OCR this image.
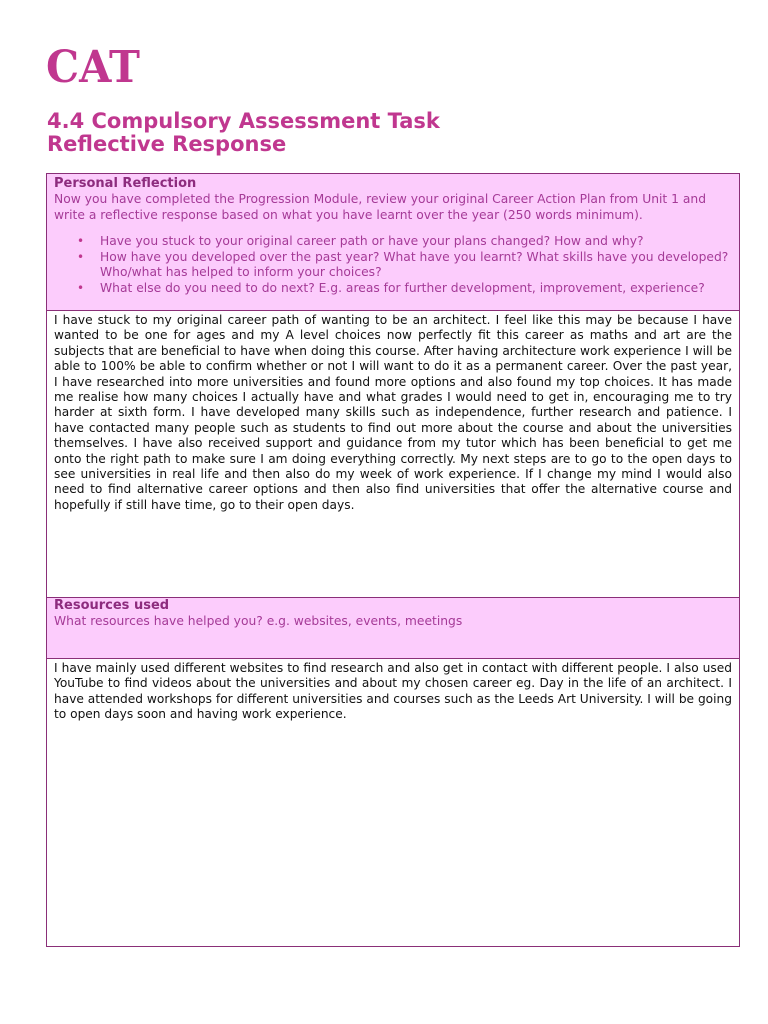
CAT
4.4 Compulsory Assessment Task
Reflective Response

Personal Reflection

Now you have completed the Progression Module, review your original Career Action Plan from Unit 1 and write a reflective response based on what you have learnt over the year (250 words minimum).

• Have you stuck to your original career path or have your plans changed? How and why?
• How have you developed over the past year? What have you learnt? What skills have you developed? Who/what has helped to inform your choices?
• What else do you need to do next? E.g. areas for further development, improvement, experience?

I have stuck to my original career path of wanting to be an architect. I feel like this may be because I have wanted to be one for ages and my A level choices now perfectly fit this career as maths and art are the subjects that are beneficial to have when doing this course. After having architecture work experience I will be able to 100% be able to confirm whether or not I will want to do it as a permanent career. Over the past year, I have researched into more universities and found more options and also found my top choices. It has made me realise how many choices I actually have and what grades I would need to get in, encouraging me to try harder at sixth form. I have developed many skills such as independence, further research and patience. I have contacted many people such as students to find out more about the course and about the universities themselves. I have also received support and guidance from my tutor which has been beneficial to get me onto the right path to make sure I am doing everything correctly. My next steps are to go to the open days to see universities in real life and then also do my week of work experience. If I change my mind I would also need to find alternative career options and then also find universities that offer the alternative course and hopefully if still have time, go to their open days.

Resources used

What resources have helped you? e.g. websites, events, meetings

I have mainly used different websites to find research and also get in contact with different people. I also used YouTube to find videos about the universities and about my chosen career eg. Day in the life of an architect. I have attended workshops for different universities and courses such as the Leeds Art University. I will be going to open days soon and having work experience.
